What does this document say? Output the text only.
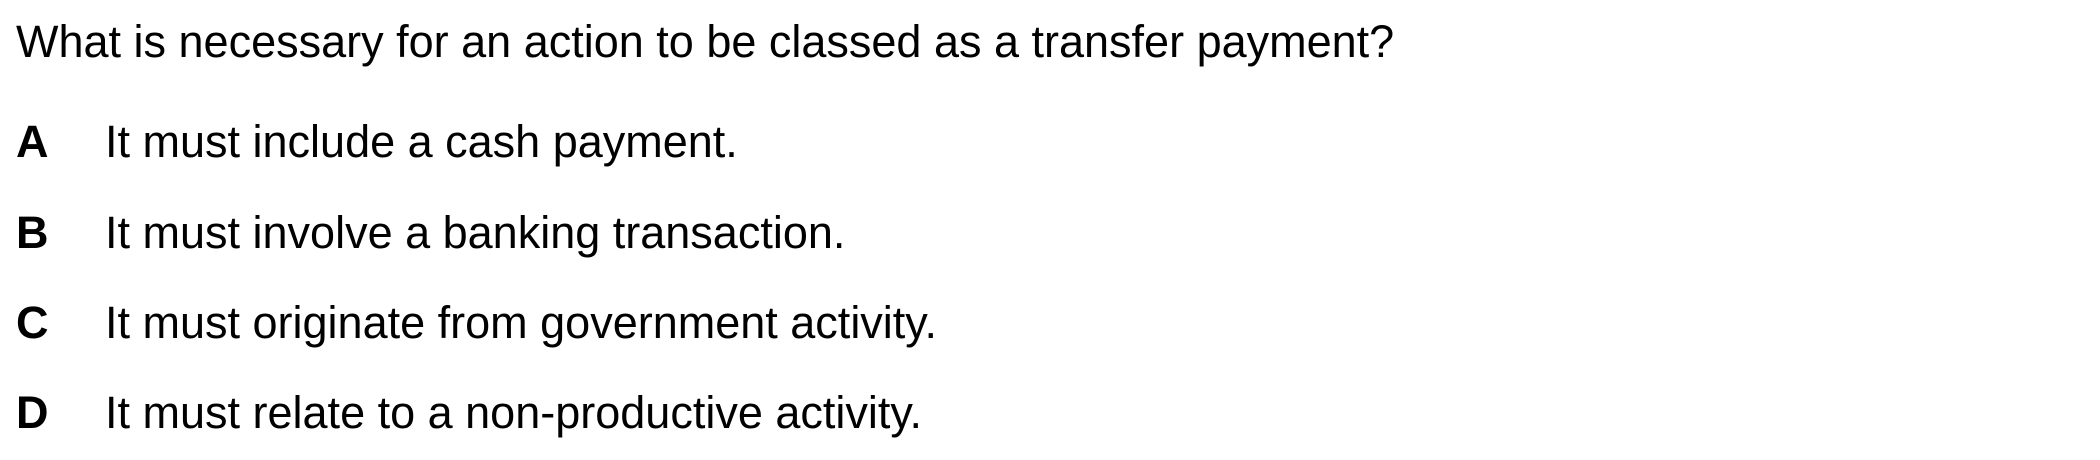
What is necessary for an action to be classed as a transfer payment?
A It must include a cash payment.
B It must involve a banking transaction.
C It must originate from government activity.
D It must relate to a non-productive activity.
